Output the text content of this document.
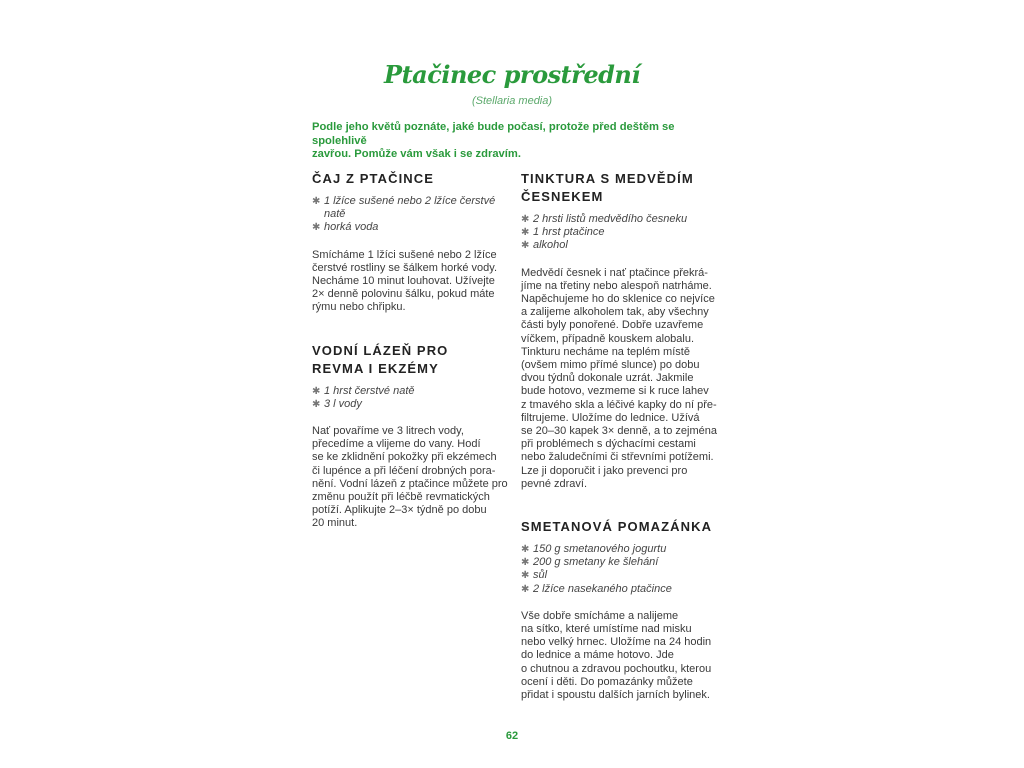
Ptačinec prostřední
(Stellaria media)
Podle jeho květů poznáte, jaké bude počasí, protože před deštěm se spolehlivě
zavřou. Pomůže vám však i se zdravím.
ČAJ Z PTAČINCE
✱ 1 lžíce sušené nebo 2 lžíce čerstvé
natě
✱ horká voda
Smícháme 1 lžíci sušené nebo 2 lžíce
čerstvé rostliny se šálkem horké vody.
Necháme 10 minut louhovat. Užívejte
2× denně polovinu šálku, pokud máte
rýmu nebo chřipku.
VODNÍ LÁZEŇ PRO
REVMA I EKZÉMY
✱ 1 hrst čerstvé natě
✱ 3 l vody
Nať povaříme ve 3 litrech vody,
přecedíme a vlijeme do vany. Hodí
se ke zklidnění pokožky při ekzémech
či lupénce a při léčení drobných pora-
nění. Vodní lázeň z ptačince můžete pro
změnu použít při léčbě revmatických
potíží. Aplikujte 2–3× týdně po dobu
20 minut.
TINKTURA S MEDVĚDÍM
ČESNEKEM
✱ 2 hrsti listů medvědího česneku
✱ 1 hrst ptačince
✱ alkohol
Medvědí česnek i nať ptačince překrá-
jíme na třetiny nebo alespoň natrháme.
Napěchujeme ho do sklenice co nejvíce
a zalijeme alkoholem tak, aby všechny
části byly ponořené. Dobře uzavřeme
víčkem, případně kouskem alobalu.
Tinkturu necháme na teplém místě
(ovšem mimo přímé slunce) po dobu
dvou týdnů dokonale uzrát. Jakmile
bude hotovo, vezmeme si k ruce lahev
z tmavého skla a léčivé kapky do ní pře-
filtrujeme. Uložíme do lednice. Užívá
se 20–30 kapek 3× denně, a to zejména
při problémech s dýchacími cestami
nebo žaludečními či střevními potížemi.
Lze ji doporučit i jako prevenci pro
pevné zdraví.
SMETANOVÁ POMAZÁNKA
✱ 150 g smetanového jogurtu
✱ 200 g smetany ke šlehání
✱ sůl
✱ 2 lžíce nasekaného ptačince
Vše dobře smícháme a nalijeme
na sítko, které umístíme nad misku
nebo velký hrnec. Uložíme na 24 hodin
do lednice a máme hotovo. Jde
o chutnou a zdravou pochoutku, kterou
ocení i děti. Do pomazánky můžete
přidat i spoustu dalších jarních bylinek.
62
